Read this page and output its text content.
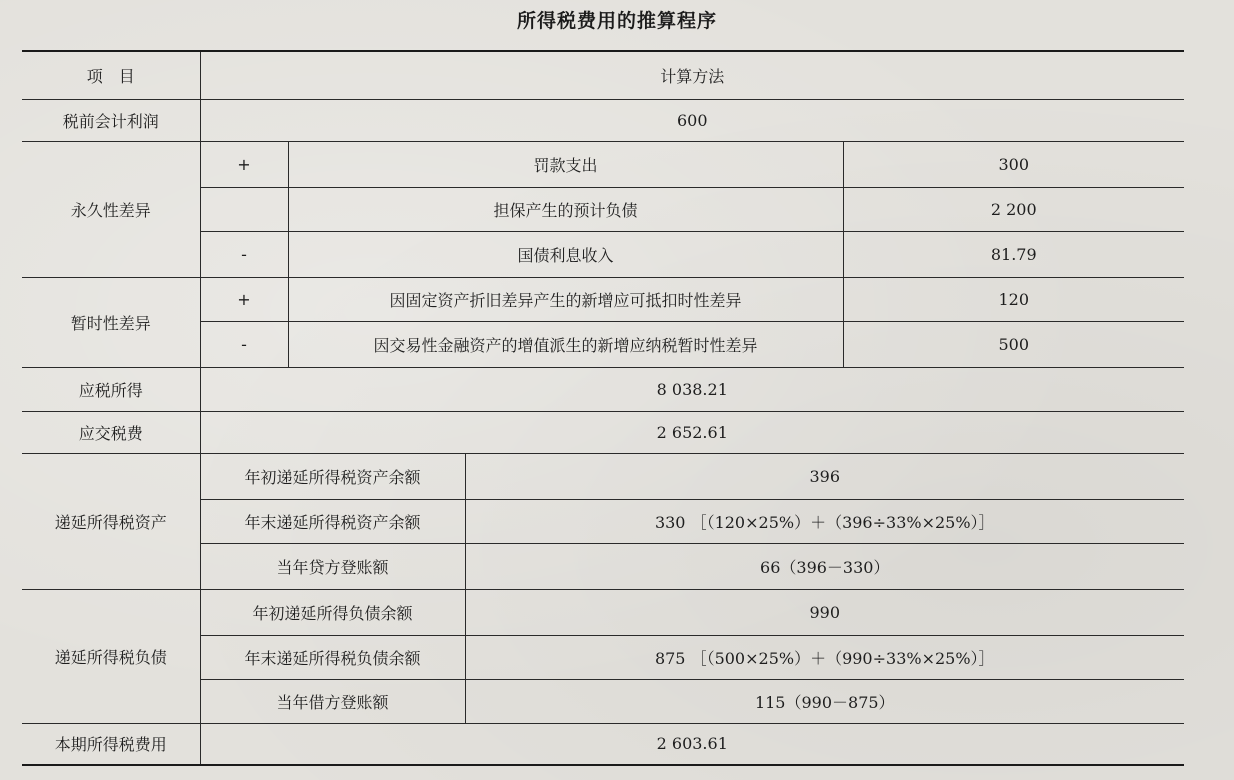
所得税费用的推算程序
项　目	计算方法			
税前会计利润	600			
永久性差异	+	罚款支出		300
		担保产生的预计负债		2 200
	-	国债利息收入		81.79
暂时性差异	+	因固定资产折旧差异产生的新增应可抵扣时性差异		120
	-	因交易性金融资产的增值派生的新增应纳税暂时性差异		500
应税所得	8 038.21			
应交税费	2 652.61			
递延所得税资产	年初递延所得税资产余额		396	
	年末递延所得税资产余额		330 ［（120×25%）＋（396÷33%×25%）］	
	当年贷方登账额		66（396－330）	
递延所得税负债	年初递延所得负债余额		990	
	年末递延所得税负债余额		875 ［（500×25%）＋（990÷33%×25%）］	
	当年借方登账额		115（990－875）	
本期所得税费用	2 603.61			
